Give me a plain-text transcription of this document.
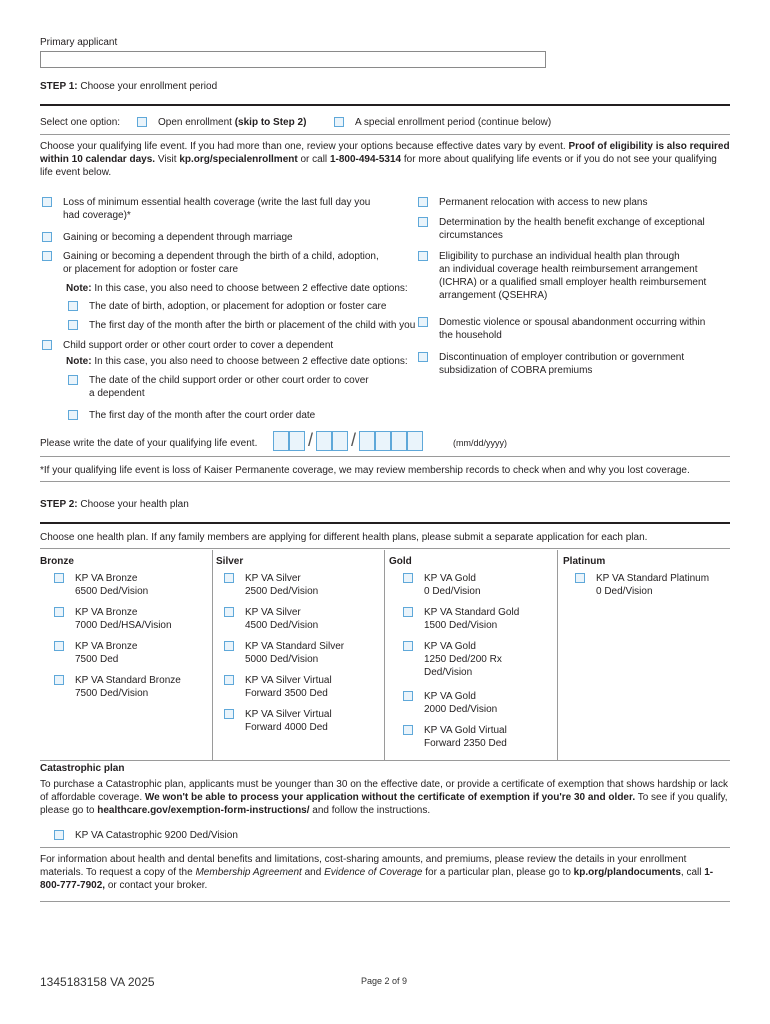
Primary applicant
STEP 1: Choose your enrollment period
Select one option:	Open enrollment (skip to Step 2)	A special enrollment period (continue below)
Choose your qualifying life event. If you had more than one, review your options because effective dates vary by event. Proof of eligibility is also required within 10 calendar days. Visit kp.org/specialenrollment or call 1-800-494-5314 for more about qualifying life events or if you do not see your qualifying life event below.
Loss of minimum essential health coverage (write the last full day you
had coverage)*
Gaining or becoming a dependent through marriage
Gaining or becoming a dependent through the birth of a child, adoption,
or placement for adoption or foster care
Note: In this case, you also need to choose between 2 effective date options:
The date of birth, adoption, or placement for adoption or foster care
The first day of the month after the birth or placement of the child with you
Child support order or other court order to cover a dependent
Note: In this case, you also need to choose between 2 effective date options:
The date of the child support order or other court order to cover
a dependent
The first day of the month after the court order date
Permanent relocation with access to new plans
Determination by the health benefit exchange of exceptional
circumstances
Eligibility to purchase an individual health plan through
an individual coverage health reimbursement arrangement
(ICHRA) or a qualified small employer health reimbursement
arrangement (QSEHRA)
Domestic violence or spousal abandonment occurring within
the household
Discontinuation of employer contribution or government
subsidization of COBRA premiums
Please write the date of your qualifying life event.	/ /	(mm/dd/yyyy)
*If your qualifying life event is loss of Kaiser Permanente coverage, we may review membership records to check when and why you lost coverage.
STEP 2: Choose your health plan
Choose one health plan. If any family members are applying for different health plans, please submit a separate application for each plan.
Bronze
KP VA Bronze
6500 Ded/Vision
KP VA Bronze
7000 Ded/HSA/Vision
KP VA Bronze
7500 Ded
KP VA Standard Bronze
7500 Ded/Vision
Silver
KP VA Silver
2500 Ded/Vision
KP VA Silver
4500 Ded/Vision
KP VA Standard Silver
5000 Ded/Vision
KP VA Silver Virtual
Forward 3500 Ded
KP VA Silver Virtual
Forward 4000 Ded
Gold
KP VA Gold
0 Ded/Vision
KP VA Standard Gold
1500 Ded/Vision
KP VA Gold
1250 Ded/200 Rx
Ded/Vision
KP VA Gold
2000 Ded/Vision
KP VA Gold Virtual
Forward 2350 Ded
Platinum
KP VA Standard Platinum
0 Ded/Vision
Catastrophic plan
To purchase a Catastrophic plan, applicants must be younger than 30 on the effective date, or provide a certificate of exemption that shows hardship or lack of affordable coverage. We won't be able to process your application without the certificate of exemption if you're 30 and older. To see if you qualify, please go to healthcare.gov/exemption-form-instructions/ and follow the instructions.
KP VA Catastrophic 9200 Ded/Vision
For information about health and dental benefits and limitations, cost-sharing amounts, and premiums, please review the details in your enrollment materials. To request a copy of the Membership Agreement and Evidence of Coverage for a particular plan, please go to kp.org/plandocuments, call 1-800-777-7902, or contact your broker.
1345183158 VA 2025	Page 2 of 9
